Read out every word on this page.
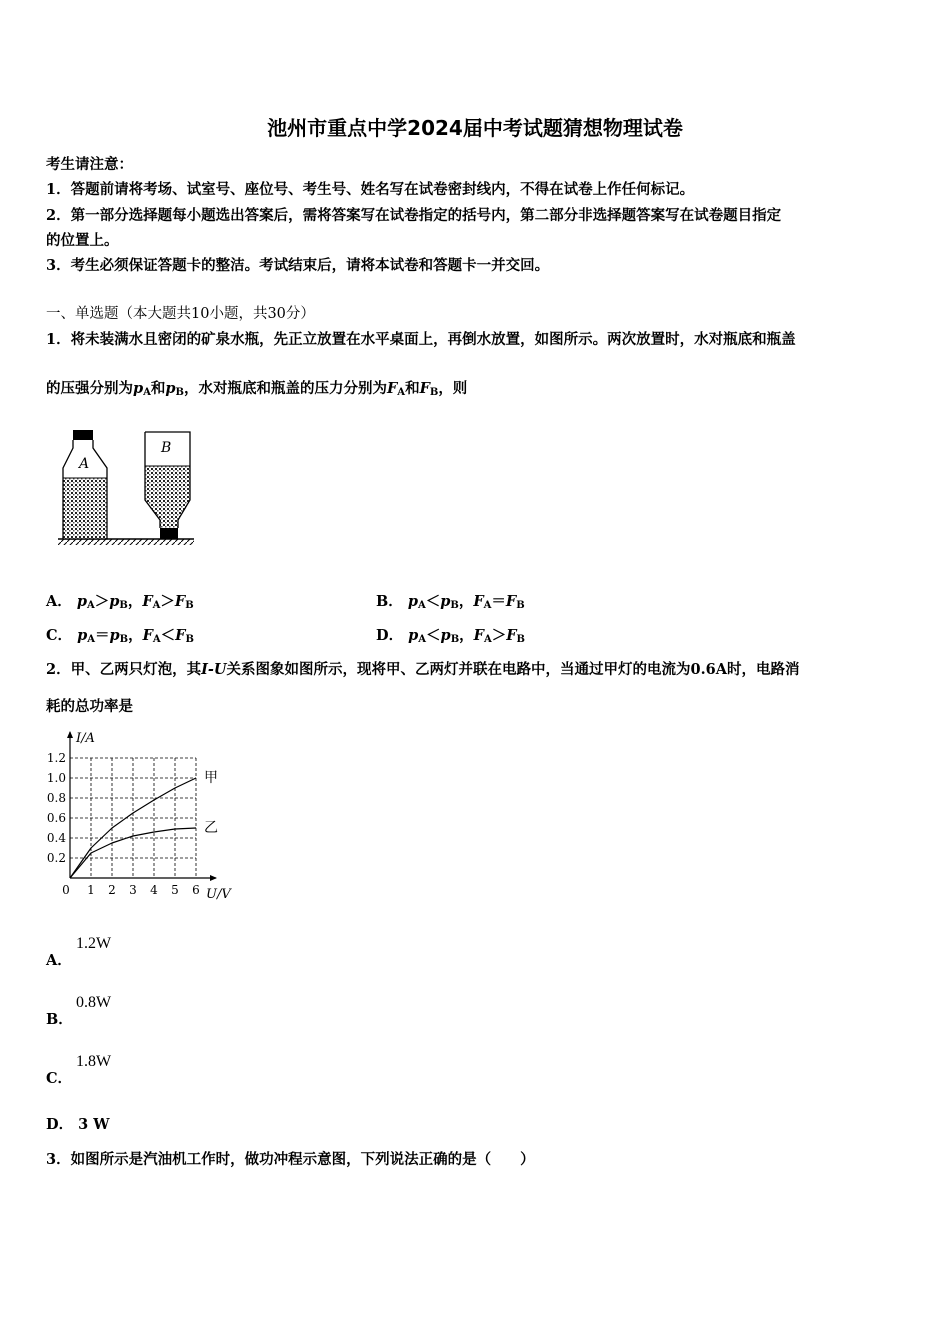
池州市重点中学2024届中考试题猜想物理试卷
考生请注意：
1．答题前请将考场、试室号、座位号、考生号、姓名写在试卷密封线内，不得在试卷上作任何标记。
2．第一部分选择题每小题选出答案后，需将答案写在试卷指定的括号内，第二部分非选择题答案写在试卷题目指定
的位置上。
3．考生必须保证答题卡的整洁。考试结束后，请将本试卷和答题卡一并交回。
一、单选题（本大题共10小题，共30分）
1．将未装满水且密闭的矿泉水瓶，先正立放置在水平桌面上，再倒水放置，如图所示。两次放置时，水对瓶底和瓶盖
的压强分别为$p_A$和$p_B$，水对瓶底和瓶盖的压力分别为$F_A$和$F_B$，则
A
B
A． $p_A>p_B$，$F_A>F_B$	B． $p_A<p_B$，$F_A=F_B$
C． $p_A=p_B$，$F_A<F_B$	D． $p_A<p_B$，$F_A>F_B$
2．甲、乙两只灯泡，其I-U关系图象如图所示，现将甲、乙两灯并联在电路中，当通过甲灯的电流为0.6A时，电路消
耗的总功率是
0 1 2 3 4 5 6
0.2
0.4
0.6
0.8
1.0
1.2
I/A
U/V
甲
乙
1.2W
A．
0.8W
B．
1.8W
C．
D． 3 W
3．如图所示是汽油机工作时，做功冲程示意图，下列说法正确的是（　　）
